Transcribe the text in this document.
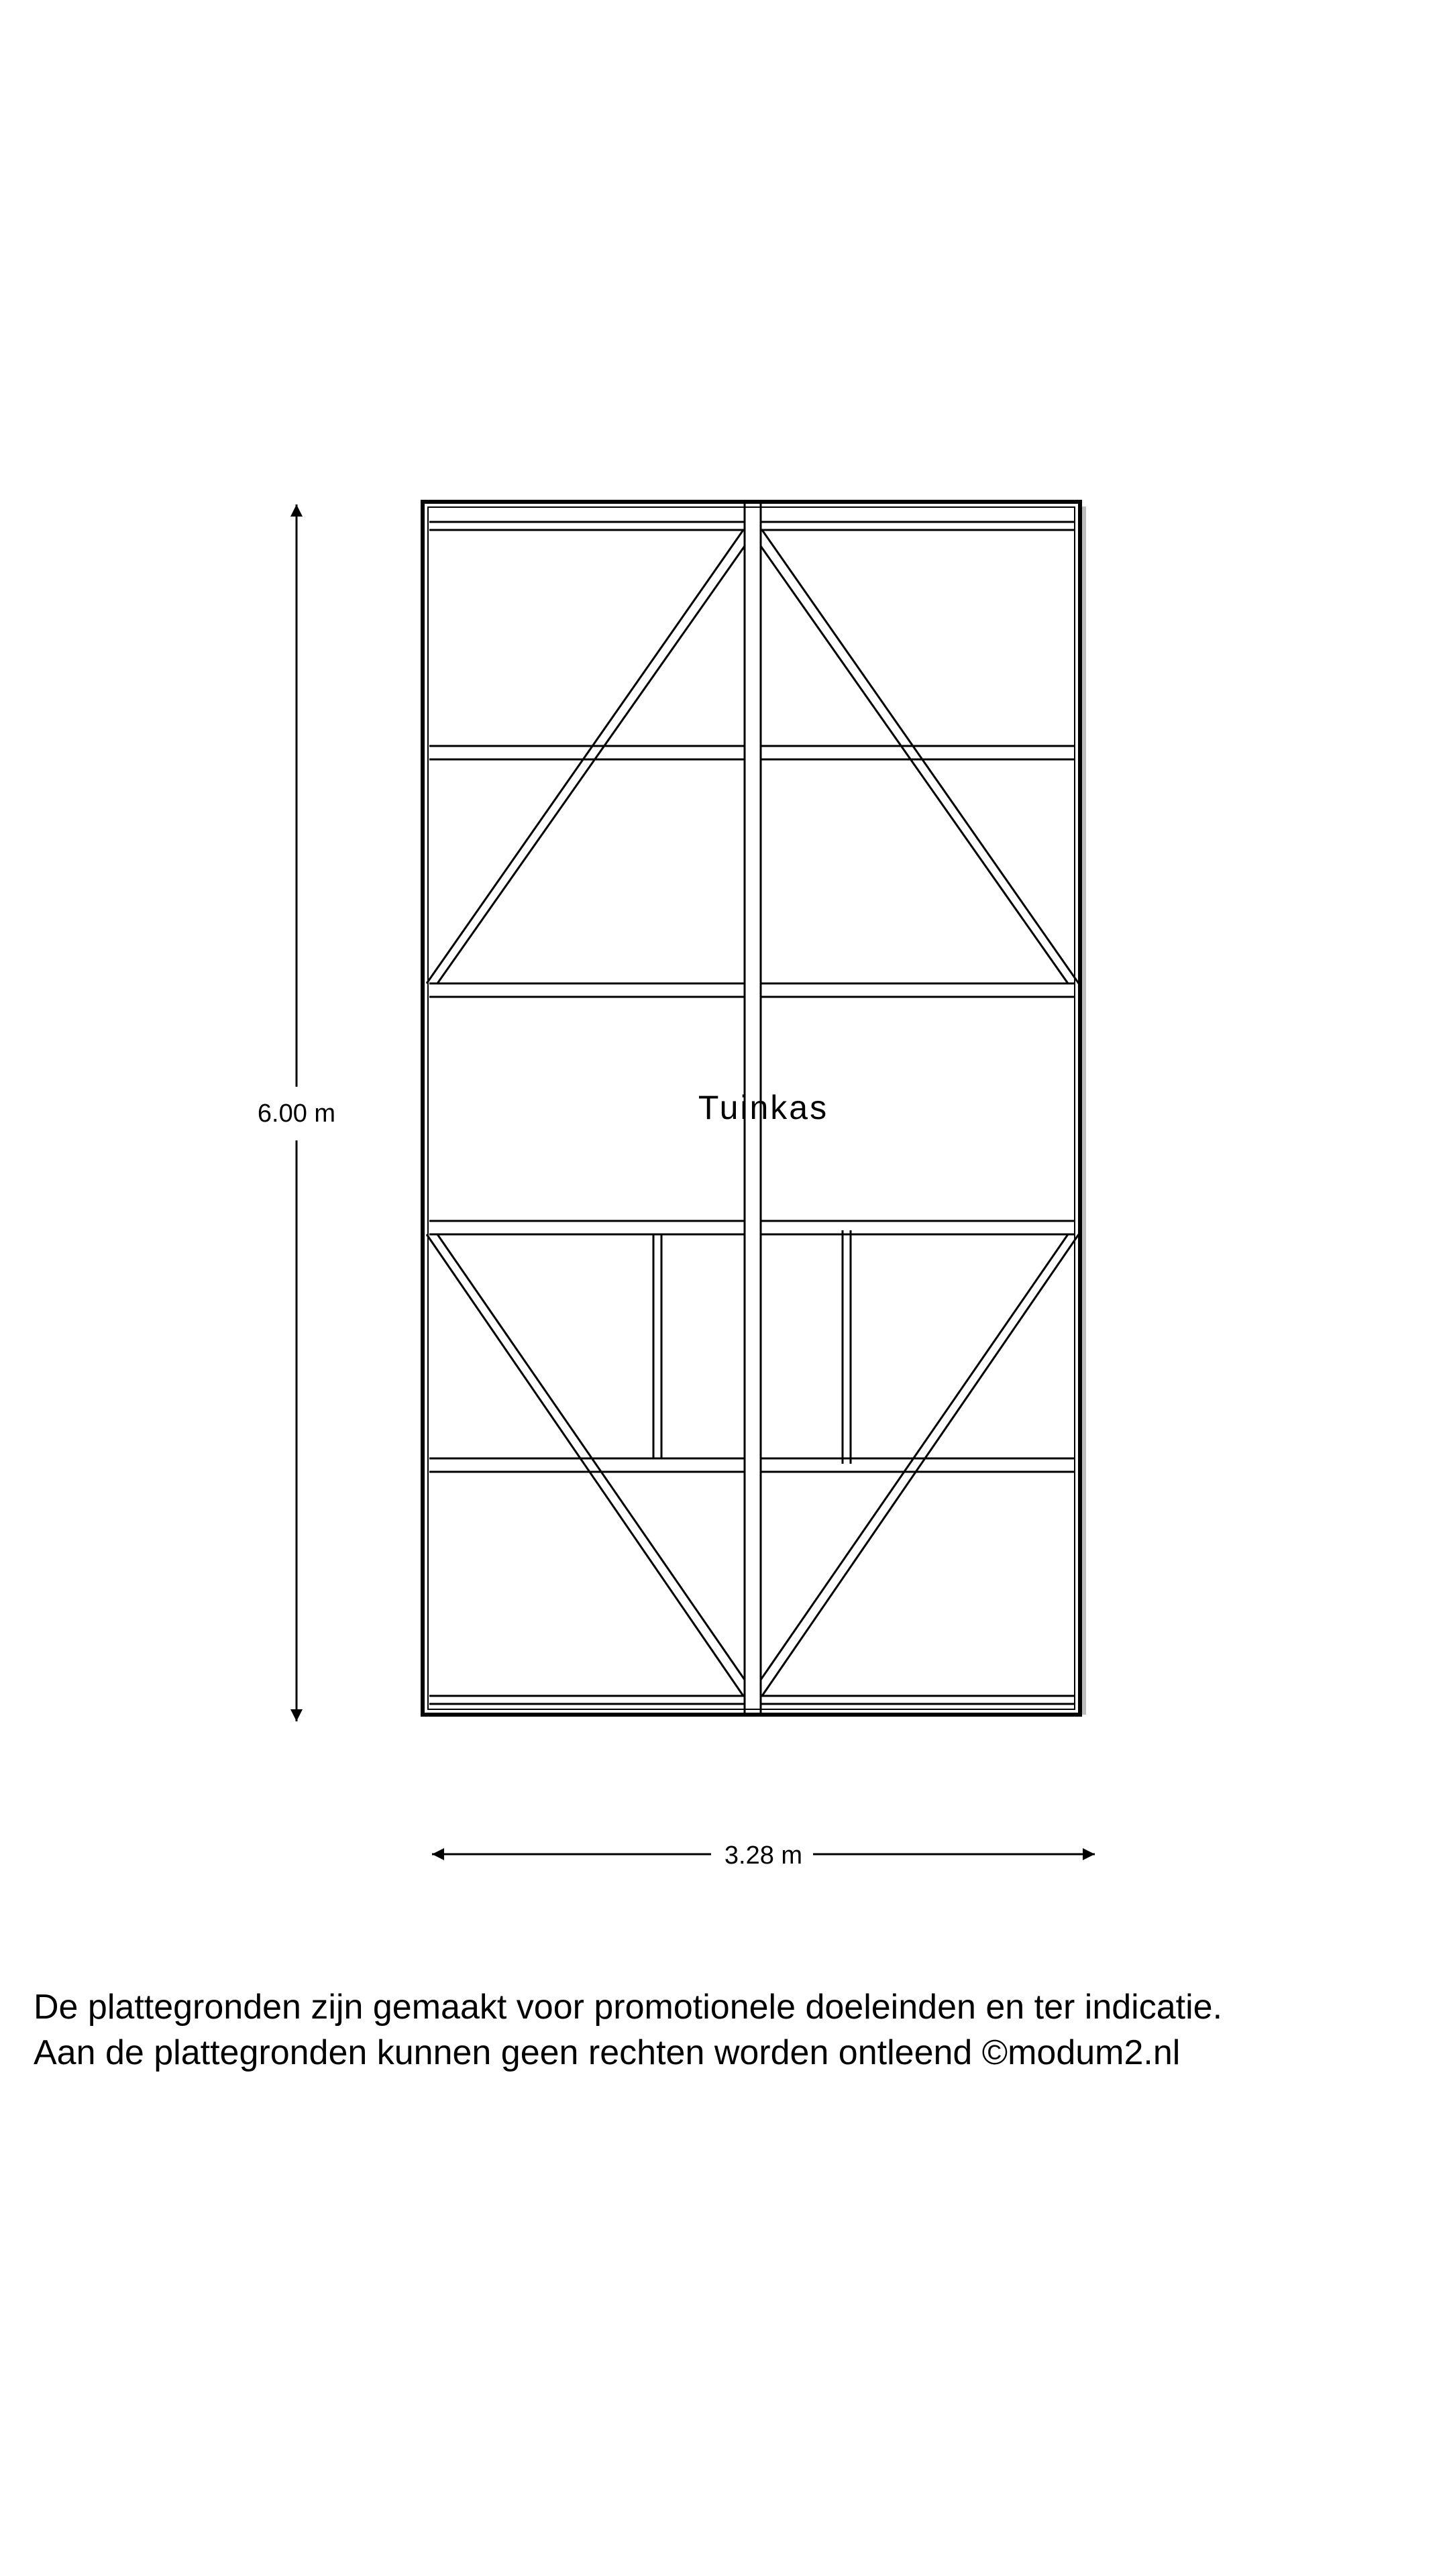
Tuinkas
6.00 m
3.28 m
De plattegronden zijn gemaakt voor promotionele doeleinden en ter indicatie.
Aan de plattegronden kunnen geen rechten worden ontleend ©modum2.nl
